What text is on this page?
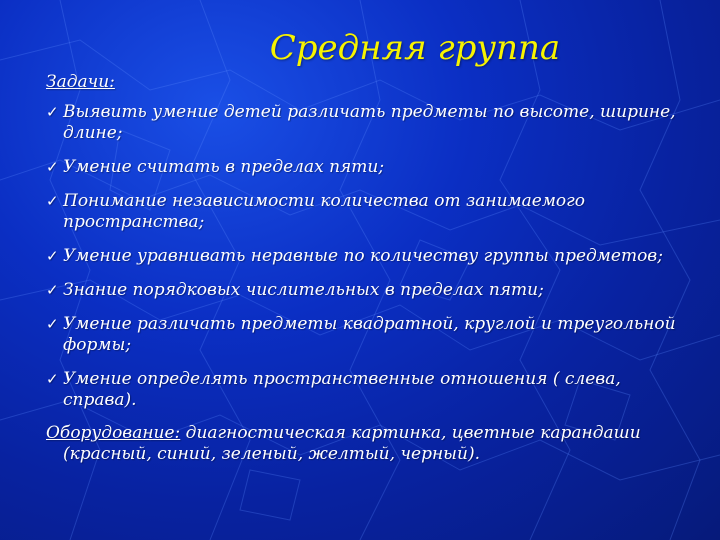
Средняя группа
Задачи:
✓ Выявить умение детей различать предметы по высоте, ширине, длине;
✓ Умение считать в пределах пяти;
✓ Понимание независимости количества от занимаемого пространства;
✓ Умение уравнивать неравные по количеству группы предметов;
✓ Знание порядковых числительных в пределах пяти;
✓ Умение различать предметы квадратной, круглой и треугольной формы;
✓ Умение определять пространственные отношения ( слева, справа).
Оборудование: диагностическая картинка, цветные карандаши
(красный, синий, зеленый, желтый, черный).
